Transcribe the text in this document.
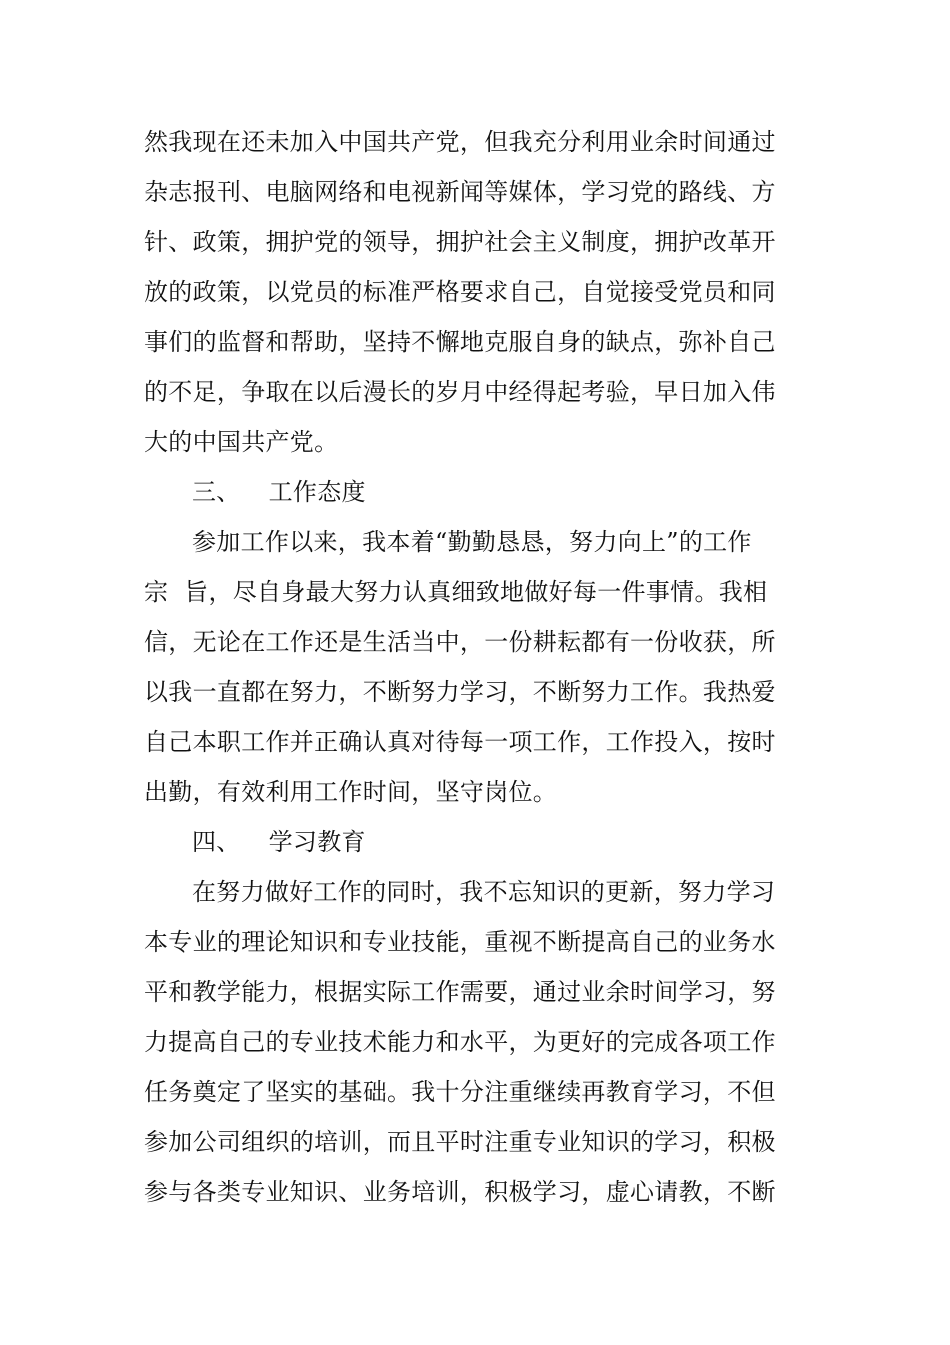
然我现在还未加入中国共产党，但我充分利用业余时间通过
杂志报刊、电脑网络和电视新闻等媒体，学习党的路线、方
针、政策，拥护党的领导，拥护社会主义制度，拥护改革开
放的政策，以党员的标准严格要求自己，自觉接受党员和同
事们的监督和帮助，坚持不懈地克服自身的缺点，弥补自己
的不足，争取在以后漫长的岁月中经得起考验，早日加入伟
大的中国共产党。
三、 工作态度
参加工作以来，我本着“勤勤恳恳，努力向上”的工作
宗  旨，尽自身最大努力认真细致地做好每一件事情。我相
信，无论在工作还是生活当中，一份耕耘都有一份收获，所
以我一直都在努力，不断努力学习，不断努力工作。我热爱
自己本职工作并正确认真对待每一项工作，工作投入，按时
出勤，有效利用工作时间，坚守岗位。
四、 学习教育
在努力做好工作的同时，我不忘知识的更新，努力学习
本专业的理论知识和专业技能，重视不断提高自己的业务水
平和教学能力，根据实际工作需要，通过业余时间学习，努
力提高自己的专业技术能力和水平，为更好的完成各项工作
任务奠定了坚实的基础。我十分注重继续再教育学习，不但
参加公司组织的培训，而且平时注重专业知识的学习，积极
参与各类专业知识、业务培训，积极学习，虚心请教，不断
